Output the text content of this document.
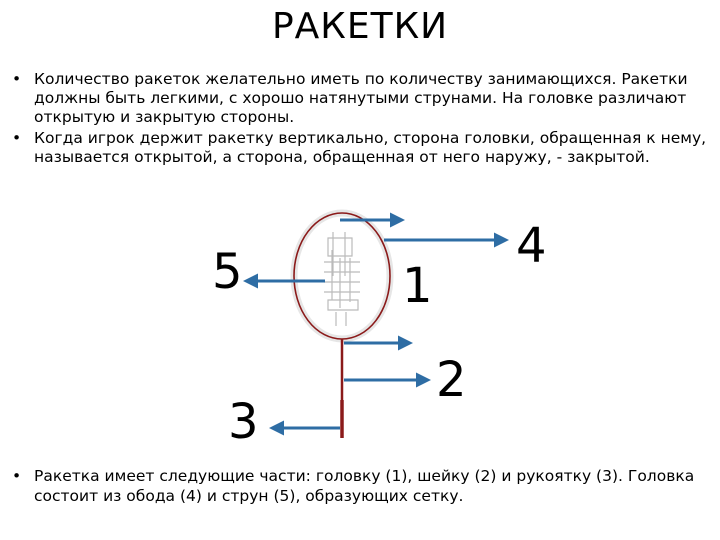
РАКЕТКИ
• Количество ракеток желательно иметь по количеству занимающихся. Ракетки должны быть легкими, с хорошо натянутыми струнами. На головке различают открытую и закрытую стороны.
• Когда игрок держит ракетку вертикально, сторона головки, обращенная к нему, называется открытой, а сторона, обращенная от него наружу, - закрытой.
5	1
4
2
3
• Ракетка имеет следующие части: головку (1), шейку (2) и рукоятку (3). Головка состоит из обода (4) и струн (5), образующих сетку.
